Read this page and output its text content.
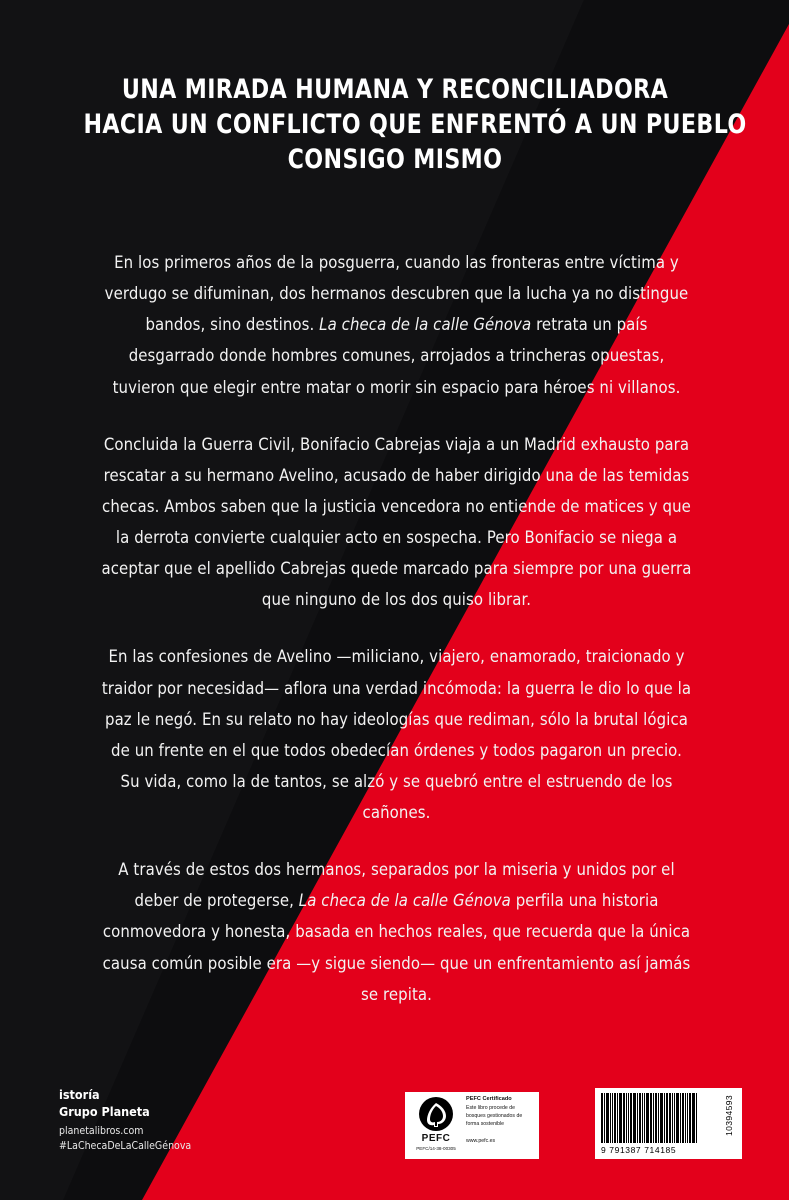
UNA MIRADA HUMANA Y RECONCILIADORA
HACIA UN CONFLICTO QUE ENFRENTÓ A UN PUEBLO
CONSIGO MISMO

En los primeros años de la posguerra, cuando las fronteras entre víctima y verdugo se difuminan, dos hermanos descubren que la lucha ya no distingue bandos, sino destinos. La checa de la calle Génova retrata un país desgarrado donde hombres comunes, arrojados a trincheras opuestas, tuvieron que elegir entre matar o morir sin espacio para héroes ni villanos.

Concluida la Guerra Civil, Bonifacio Cabrejas viaja a un Madrid exhausto para rescatar a su hermano Avelino, acusado de haber dirigido una de las temidas checas. Ambos saben que la justicia vencedora no entiende de matices y que la derrota convierte cualquier acto en sospecha. Pero Bonifacio se niega a aceptar que el apellido Cabrejas quede marcado para siempre por una guerra que ninguno de los dos quiso librar.

En las confesiones de Avelino —miliciano, viajero, enamorado, traicionado y traidor por necesidad— aflora una verdad incómoda: la guerra le dio lo que la paz le negó. En su relato no hay ideologías que rediman, sólo la brutal lógica de un frente en el que todos obedecían órdenes y todos pagaron un precio. Su vida, como la de tantos, se alzó y se quebró entre el estruendo de los cañones.

A través de estos dos hermanos, separados por la miseria y unidos por el deber de protegerse, La checa de la calle Génova perfila una historia conmovedora y honesta, basada en hechos reales, que recuerda que la única causa común posible era —y sigue siendo— que un enfrentamiento así jamás se repita.

istoría
Grupo Planeta
planetalibros.com
#LaChecaDeLaCalleGénova
PEFC
PEFC/14-38-00305
PEFC Certificado
Este libro procede de bosques gestionados de forma sostenible
www.pefc.es
9 791387 714185
10394593
